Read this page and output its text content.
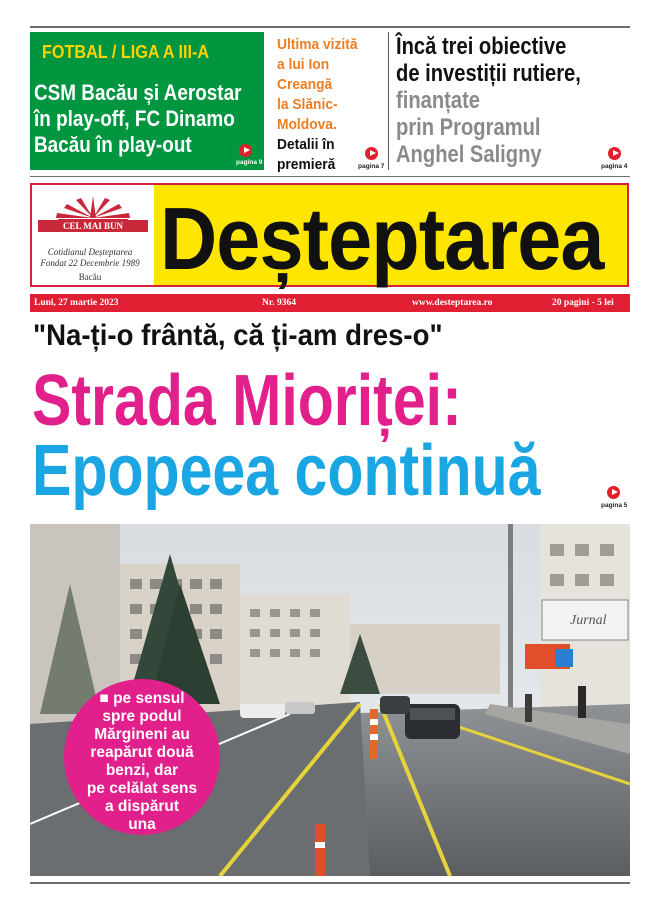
FOTBAL / LIGA A III-A
CSM Bacău și Aerostar
în play-off, FC Dinamo
Bacău în play-out
pagina 9
Ultima vizită
a lui Ion
Creangă
la Slănic-
Moldova.
Detalii în
premieră	pagina 7
Încă trei obiective
de investiții rutiere,
finanțate
prin Programul
Anghel Saligny	pagina 4
CEL MAI BUN
Cotidianul Deșteptarea
Fondat 22 Decembrie 1989
Bacău Deșteptarea
Luni, 27 martie 2023	Nr. 9364	www.desteptarea.ro	20 pagini - 5 lei
"Na-ți-o frântă, că ți-am dres-o"
Strada Mioriței:
Epopeea continuă	pagina 5
Jurnal
■ pe sensul
spre podul
Mărgineni au
reapărut două
benzi, dar
pe celălat sens
a dispărut
una
